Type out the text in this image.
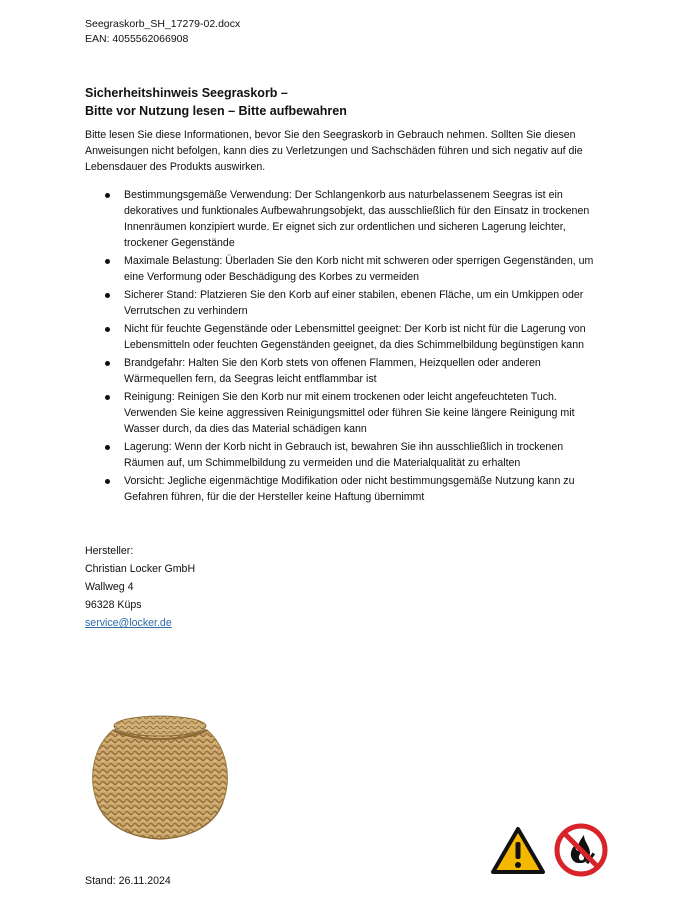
Seegraskorb_SH_17279-02.docx
EAN: 4055562066908
Sicherheitshinweis Seegraskorb –
Bitte vor Nutzung lesen – Bitte aufbewahren
Bitte lesen Sie diese Informationen, bevor Sie den Seegraskorb in Gebrauch nehmen. Sollten Sie diesen Anweisungen nicht befolgen, kann dies zu Verletzungen und Sachschäden führen und sich negativ auf die Lebensdauer des Produkts auswirken.
Bestimmungsgemäße Verwendung: Der Schlangenkorb aus naturbelassenem Seegras ist ein dekoratives und funktionales Aufbewahrungsobjekt, das ausschließlich für den Einsatz in trockenen Innenräumen konzipiert wurde. Er eignet sich zur ordentlichen und sicheren Lagerung leichter, trockener Gegenstände
Maximale Belastung: Überladen Sie den Korb nicht mit schweren oder sperrigen Gegenständen, um eine Verformung oder Beschädigung des Korbes zu vermeiden
Sicherer Stand: Platzieren Sie den Korb auf einer stabilen, ebenen Fläche, um ein Umkippen oder Verrutschen zu verhindern
Nicht für feuchte Gegenstände oder Lebensmittel geeignet: Der Korb ist nicht für die Lagerung von Lebensmitteln oder feuchten Gegenständen geeignet, da dies Schimmelbildung begünstigen kann
Brandgefahr: Halten Sie den Korb stets von offenen Flammen, Heizquellen oder anderen Wärmequellen fern, da Seegras leicht entflammbar ist
Reinigung: Reinigen Sie den Korb nur mit einem trockenen oder leicht angefeuchteten Tuch. Verwenden Sie keine aggressiven Reinigungsmittel oder führen Sie keine längere Reinigung mit Wasser durch, da dies das Material schädigen kann
Lagerung: Wenn der Korb nicht in Gebrauch ist, bewahren Sie ihn ausschließlich in trockenen Räumen auf, um Schimmelbildung zu vermeiden und die Materialqualität zu erhalten
Vorsicht: Jegliche eigenmächtige Modifikation oder nicht bestimmungsgemäße Nutzung kann zu Gefahren führen, für die der Hersteller keine Haftung übernimmt
Hersteller:
Christian Locker GmbH
Wallweg 4
96328 Küps
service@locker.de
Stand: 26.11.2024
